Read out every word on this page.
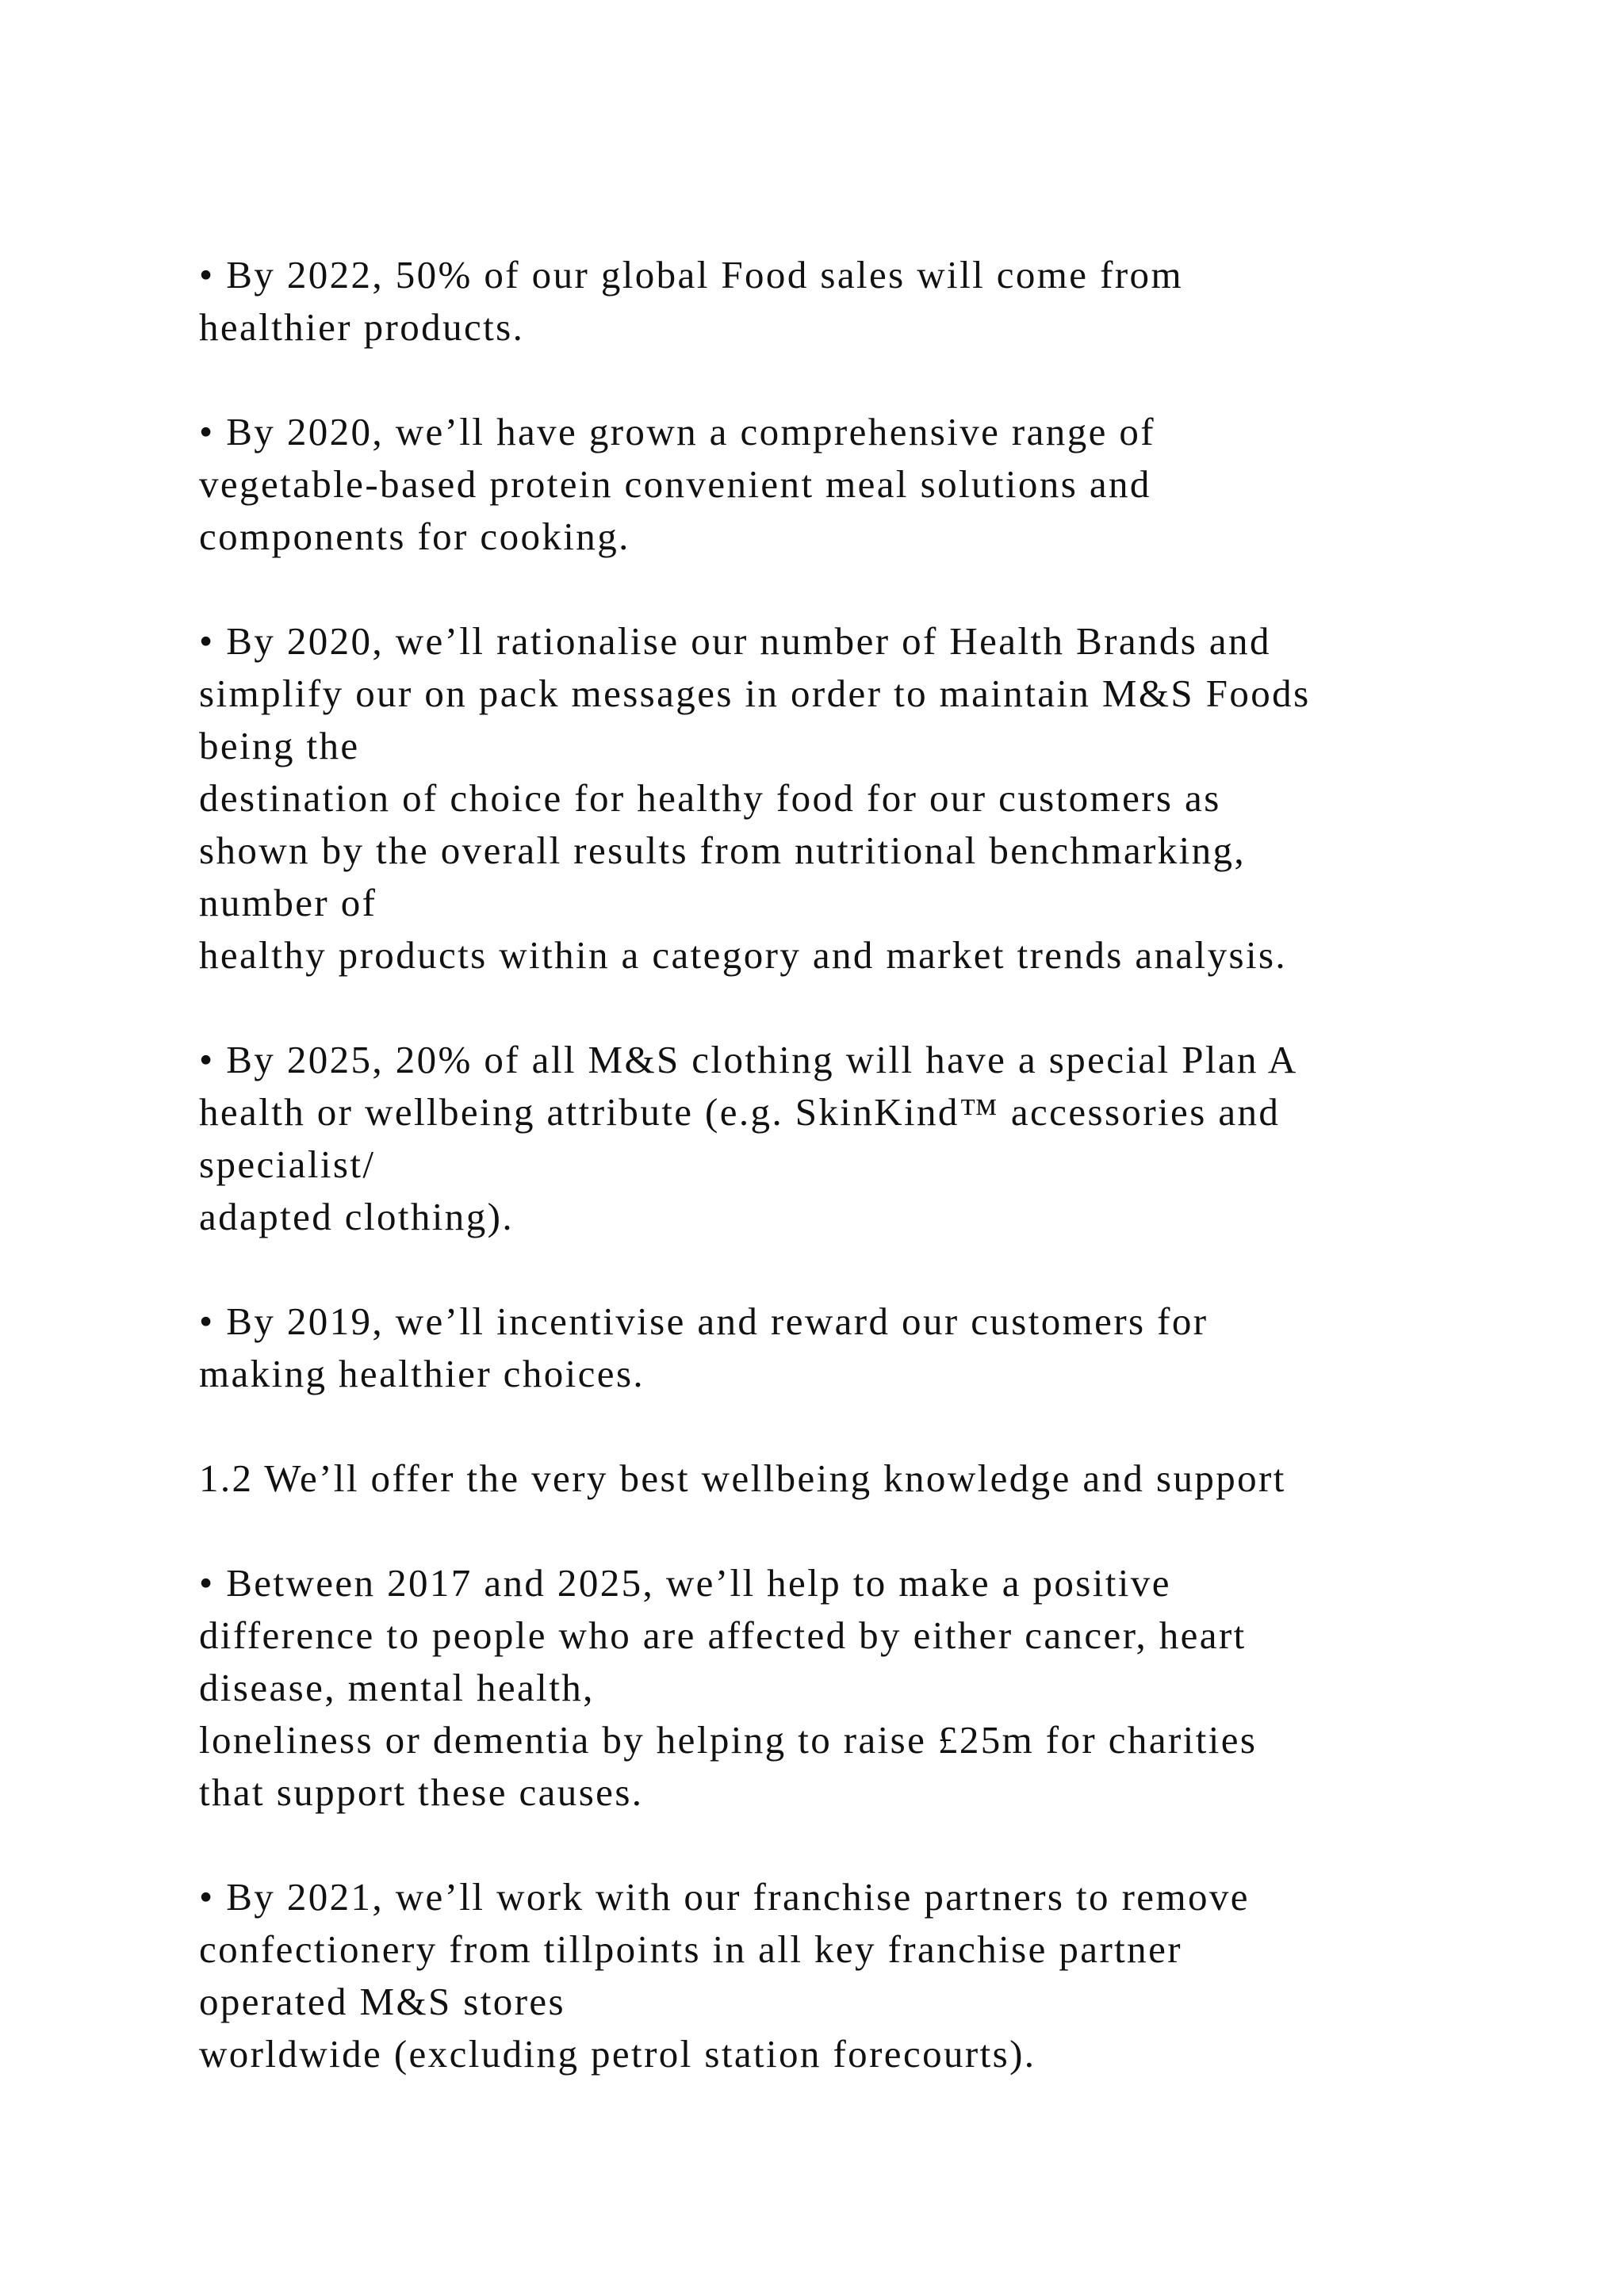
• By 2022, 50% of our global Food sales will come from
healthier products.

• By 2020, we’ll have grown a comprehensive range of
vegetable-based protein convenient meal solutions and
components for cooking.

• By 2020, we’ll rationalise our number of Health Brands and
simplify our on pack messages in order to maintain M&S Foods
being the
destination of choice for healthy food for our customers as
shown by the overall results from nutritional benchmarking,
number of
healthy products within a category and market trends analysis.

• By 2025, 20% of all M&S clothing will have a special Plan A
health or wellbeing attribute (e.g. SkinKind™ accessories and
specialist/
adapted clothing).

• By 2019, we’ll incentivise and reward our customers for
making healthier choices.

1.2 We’ll offer the very best wellbeing knowledge and support

• Between 2017 and 2025, we’ll help to make a positive
difference to people who are affected by either cancer, heart
disease, mental health,
loneliness or dementia by helping to raise £25m for charities
that support these causes.

• By 2021, we’ll work with our franchise partners to remove
confectionery from tillpoints in all key franchise partner
operated M&S stores
worldwide (excluding petrol station forecourts).
